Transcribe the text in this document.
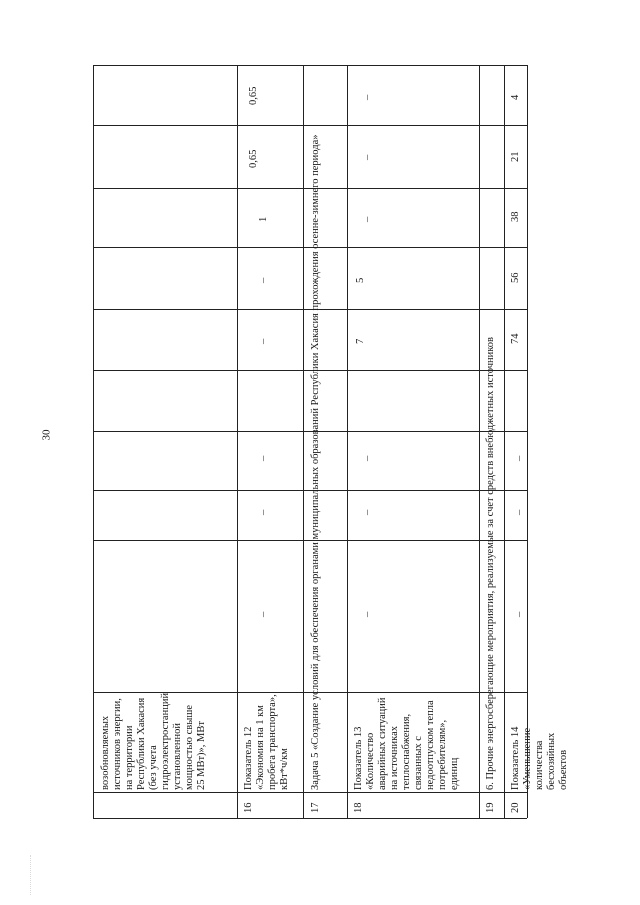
30
возобновляемых источников энергии, на территории Республики Хакасия (без учета гидроэлектростанций установленной мощностью свыше 25 МВт)», МВт
16
Показатель 12 «Экономия на 1 км пробега транспорта», кВт*ч/км
–
–
–
–
–
1
0,65
0,65
17
Задача 5 «Создание условий для обеспечения органами муниципальных образований Республики Хакасия прохождения осенне-зимнего периода»
18
Показатель 13 «Количество аварийных ситуаций на источниках теплоснабжения, связанных с недоотпуском тепла потребителям», единиц
–
–
–
7
5
–
–
–
19
6. Прочие энергосберегающие мероприятия, реализуемые за счет средств внебюджетных источников
20
Показатель 14 «Уменьшение количества бесхозяйных объектов
–
–
–
74
56
38
21
4
